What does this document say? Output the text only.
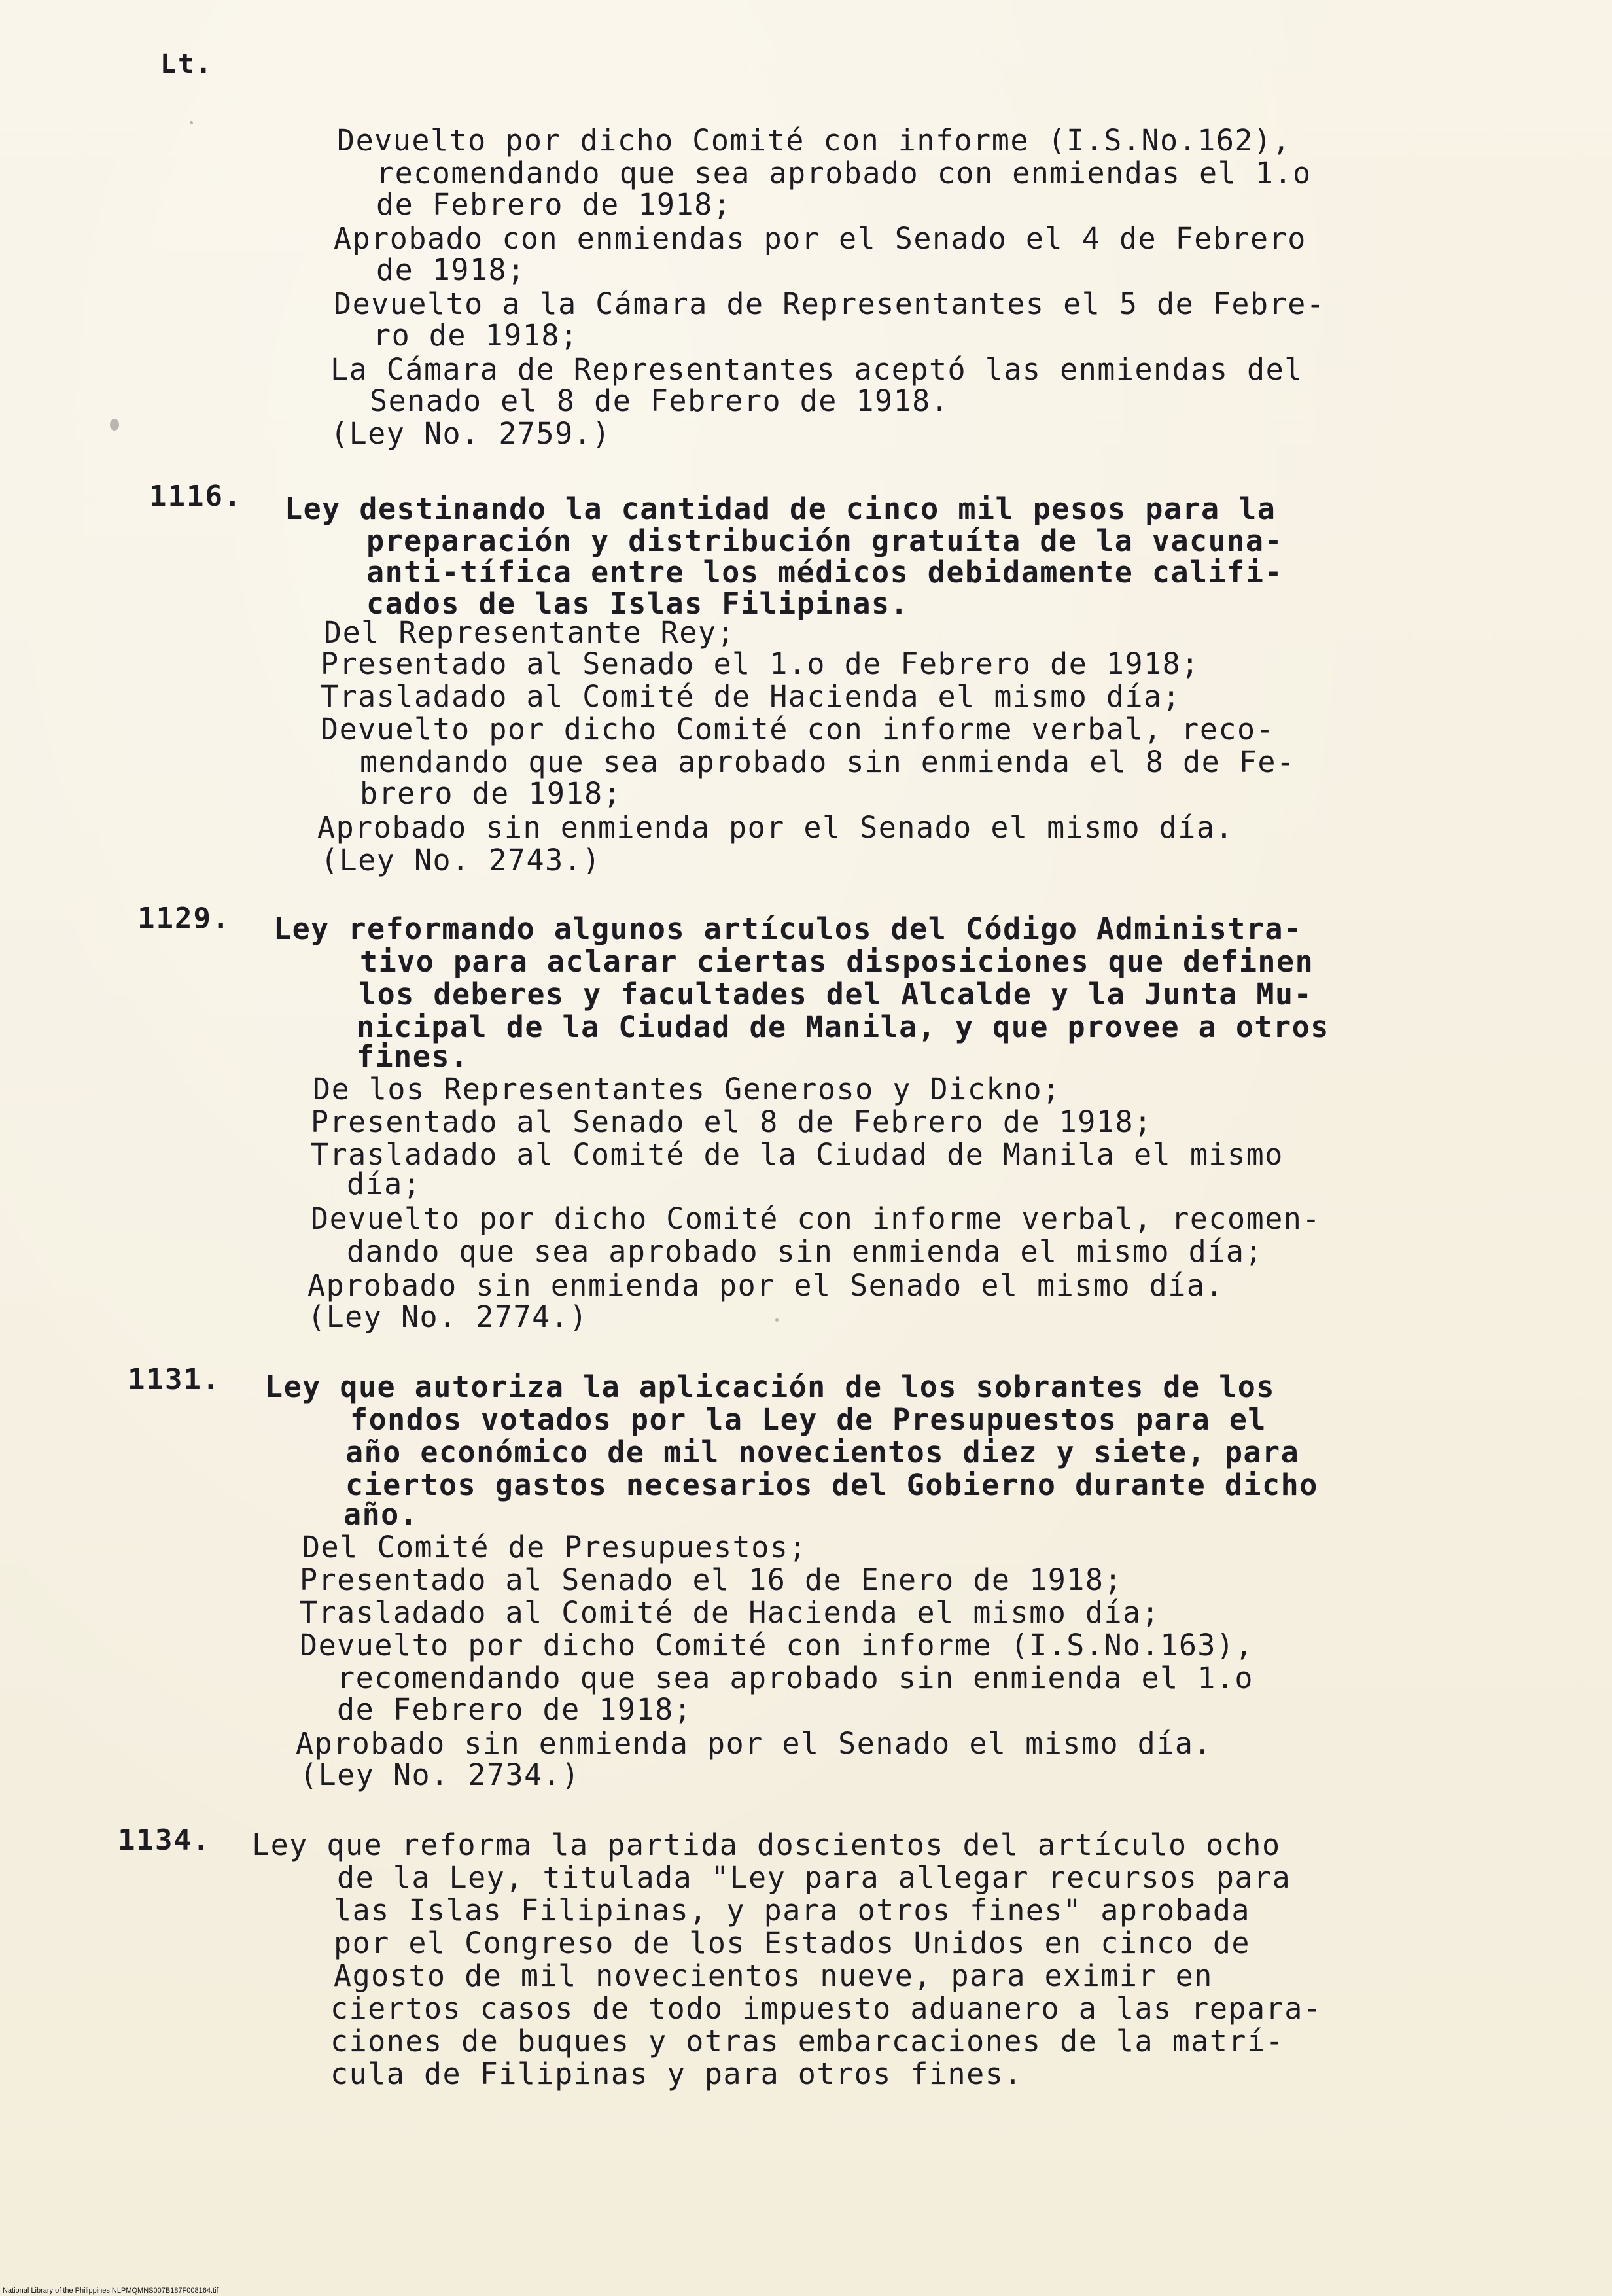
Lt.
Devuelto por dicho Comité con informe (I.S.No.162),
recomendando que sea aprobado con enmiendas el 1.o
de Febrero de 1918;
Aprobado con enmiendas por el Senado el 4 de Febrero
de 1918;
Devuelto a la Cámara de Representantes el 5 de Febre-
ro de 1918;
La Cámara de Representantes aceptó las enmiendas del
Senado el 8 de Febrero de 1918.
(Ley No. 2759.)
1116. Ley destinando la cantidad de cinco mil pesos para la
preparación y distribución gratuíta de la vacuna-
anti-tífica entre los médicos debidamente califi-
cados de las Islas Filipinas.
Del Representante Rey;
Presentado al Senado el 1.o de Febrero de 1918;
Trasladado al Comité de Hacienda el mismo día;
Devuelto por dicho Comité con informe verbal, reco-
mendando que sea aprobado sin enmienda el 8 de Fe-
brero de 1918;
Aprobado sin enmienda por el Senado el mismo día.
(Ley No. 2743.)
1129. Ley reformando algunos artículos del Código Administra-
tivo para aclarar ciertas disposiciones que definen
los deberes y facultades del Alcalde y la Junta Mu-
nicipal de la Ciudad de Manila, y que provee a otros
fines.
De los Representantes Generoso y Dickno;
Presentado al Senado el 8 de Febrero de 1918;
Trasladado al Comité de la Ciudad de Manila el mismo
día;
Devuelto por dicho Comité con informe verbal, recomen-
dando que sea aprobado sin enmienda el mismo día;
Aprobado sin enmienda por el Senado el mismo día.
(Ley No. 2774.)
1131. Ley que autoriza la aplicación de los sobrantes de los
fondos votados por la Ley de Presupuestos para el
año económico de mil novecientos diez y siete, para
ciertos gastos necesarios del Gobierno durante dicho
año.
Del Comité de Presupuestos;
Presentado al Senado el 16 de Enero de 1918;
Trasladado al Comité de Hacienda el mismo día;
Devuelto por dicho Comité con informe (I.S.No.163),
recomendando que sea aprobado sin enmienda el 1.o
de Febrero de 1918;
Aprobado sin enmienda por el Senado el mismo día.
(Ley No. 2734.)
1134. Ley que reforma la partida doscientos del artículo ocho
de la Ley, titulada "Ley para allegar recursos para
las Islas Filipinas, y para otros fines" aprobada
por el Congreso de los Estados Unidos en cinco de
Agosto de mil novecientos nueve, para eximir en
ciertos casos de todo impuesto aduanero a las repara-
ciones de buques y otras embarcaciones de la matrí-
cula de Filipinas y para otros fines.
National Library of the Philippines NLPMQMNS007B187F008164.tif
